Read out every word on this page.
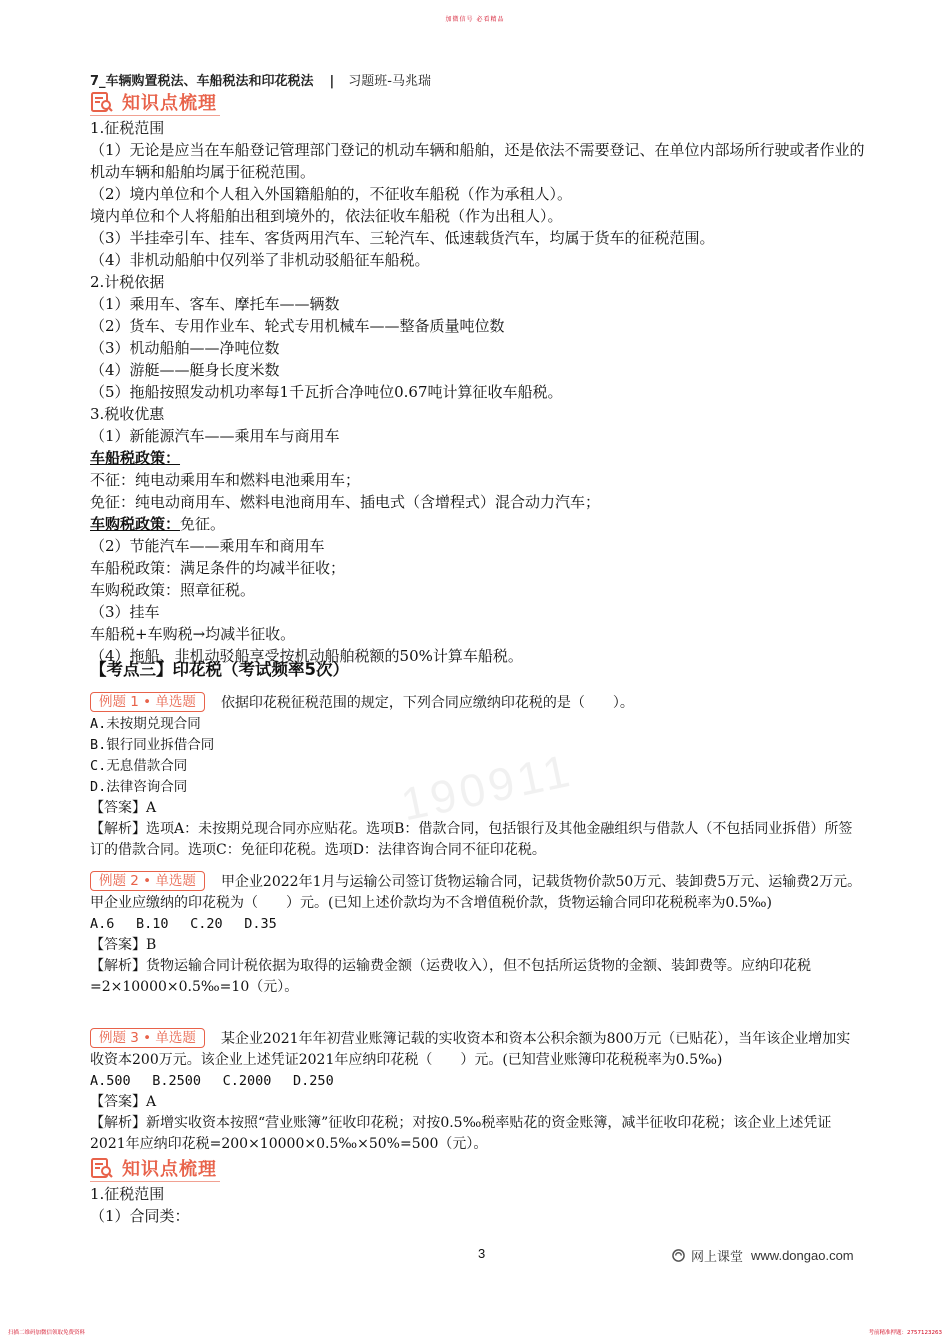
加微信号 必看精品
7_车辆购置税法、车船税法和印花税法 | 习题班-马兆瑞
知识点梳理
1.征税范围
（1）无论是应当在车船登记管理部门登记的机动车辆和船舶，还是依法不需要登记、在单位内部场所行驶或者作业的机动车辆和船舶均属于征税范围。
（2）境内单位和个人租入外国籍船舶的，不征收车船税（作为承租人）。
境内单位和个人将船舶出租到境外的，依法征收车船税（作为出租人）。
（3）半挂牵引车、挂车、客货两用汽车、三轮汽车、低速载货汽车，均属于货车的征税范围。
（4）非机动船舶中仅列举了非机动驳船征车船税。
2.计税依据
（1）乘用车、客车、摩托车——辆数
（2）货车、专用作业车、轮式专用机械车——整备质量吨位数
（3）机动船舶——净吨位数
（4）游艇——艇身长度米数
（5）拖船按照发动机功率每1千瓦折合净吨位0.67吨计算征收车船税。
3.税收优惠
（1）新能源汽车——乘用车与商用车
车船税政策：
不征：纯电动乘用车和燃料电池乘用车；
免征：纯电动商用车、燃料电池商用车、插电式（含增程式）混合动力汽车；
车购税政策：免征。
（2）节能汽车——乘用车和商用车
车船税政策：满足条件的均减半征收；
车购税政策：照章征税。
（3）挂车
车船税+车购税→均减半征收。
（4）拖船、非机动驳船享受按机动船舶税额的50%计算车船税。
【考点三】印花税（考试频率5次）
190911
例题 1 • 单选题 依据印花税征税范围的规定，下列合同应缴纳印花税的是（　　）。
A.未按期兑现合同
B.银行同业拆借合同
C.无息借款合同
D.法律咨询合同
【答案】A
【解析】选项A：未按期兑现合同亦应贴花。选项B：借款合同，包括银行及其他金融组织与借款人（不包括同业拆借）所签订的借款合同。选项C：免征印花税。选项D：法律咨询合同不征印花税。
例题 2 • 单选题 甲企业2022年1月与运输公司签订货物运输合同，记载货物价款50万元、装卸费5万元、运输费2万元。甲企业应缴纳的印花税为（　　）元。(已知上述价款均为不含增值税价款，货物运输合同印花税税率为0.5‰)
A.6　 B.10　 C.20　 D.35
【答案】B
【解析】货物运输合同计税依据为取得的运输费金额（运费收入），但不包括所运货物的金额、装卸费等。应纳印花税=2×10000×0.5‰=10（元）。
例题 3 • 单选题 某企业2021年年初营业账簿记载的实收资本和资本公积余额为800万元（已贴花），当年该企业增加实收资本200万元。该企业上述凭证2021年应纳印花税（　　）元。(已知营业账簿印花税税率为0.5‰)
A.500　 B.2500　 C.2000　 D.250
【答案】A
【解析】新增实收资本按照“营业账簿”征收印花税；对按0.5‰税率贴花的资金账簿，减半征收印花税；该企业上述凭证2021年应纳印花税=200×10000×0.5‰×50%=500（元）。
知识点梳理
1.征税范围
（1）合同类：
3	网上课堂 www.dongao.com
扫描二维码加微信领取免费资料	考前精准押题：2757123263
